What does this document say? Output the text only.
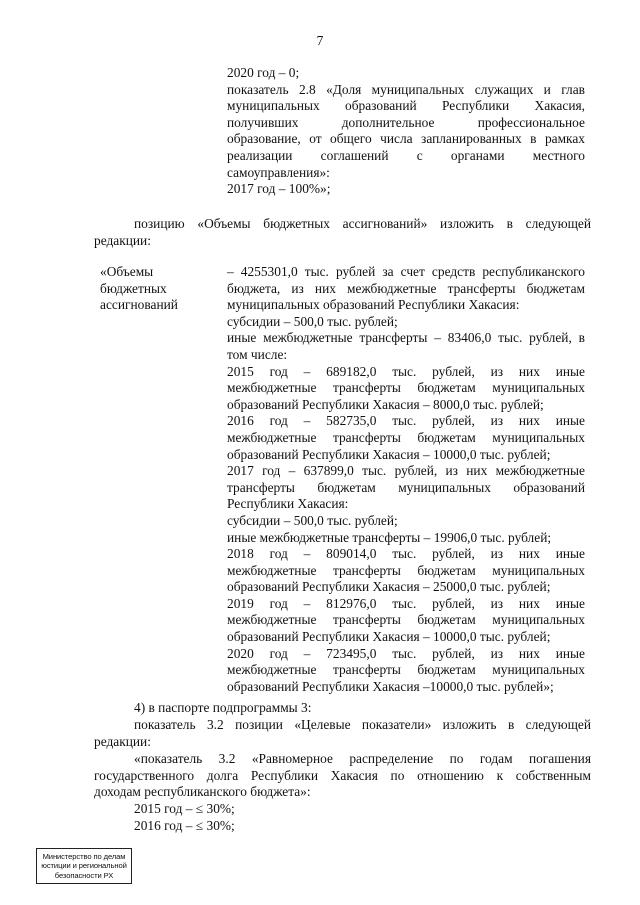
7
2020 год – 0;
показатель 2.8 «Доля муниципальных служащих и глав
муниципальных образований Республики Хакасия,
получивших дополнительное профессиональное
образование, от общего числа запланированных в рамках
реализации соглашений с органами местного
самоуправления»:
2017 год – 100%»;
позицию «Объемы бюджетных ассигнований» изложить в следующей
редакции:
«Объемы
бюджетных
ассигнований
– 4255301,0 тыс. рублей за счет средств республиканского
бюджета, из них межбюджетные трансферты бюджетам
муниципальных образований Республики Хакасия:
субсидии – 500,0 тыс. рублей;
иные межбюджетные трансферты – 83406,0 тыс. рублей, в
том числе:
2015 год – 689182,0 тыс. рублей, из них иные
межбюджетные трансферты бюджетам муниципальных
образований Республики Хакасия – 8000,0 тыс. рублей;
2016 год – 582735,0 тыс. рублей, из них иные
межбюджетные трансферты бюджетам муниципальных
образований Республики Хакасия – 10000,0 тыс. рублей;
2017 год – 637899,0 тыс. рублей, из них межбюджетные
трансферты бюджетам муниципальных образований
Республики Хакасия:
субсидии – 500,0 тыс. рублей;
иные межбюджетные трансферты – 19906,0 тыс. рублей;
2018 год – 809014,0 тыс. рублей, из них иные
межбюджетные трансферты бюджетам муниципальных
образований Республики Хакасия – 25000,0 тыс. рублей;
2019 год – 812976,0 тыс. рублей, из них иные
межбюджетные трансферты бюджетам муниципальных
образований Республики Хакасия – 10000,0 тыс. рублей;
2020 год – 723495,0 тыс. рублей, из них иные
межбюджетные трансферты бюджетам муниципальных
образований Республики Хакасия –10000,0 тыс. рублей»;
4) в паспорте подпрограммы 3:
показатель 3.2 позиции «Целевые показатели» изложить в следующей
редакции:
«показатель 3.2 «Равномерное распределение по годам погашения
государственного долга Республики Хакасия по отношению к собственным
доходам республиканского бюджета»:
2015 год – ≤ 30%;
2016 год – ≤ 30%;
Министерство по делам
юстиции и региональной
безопасности РХ
